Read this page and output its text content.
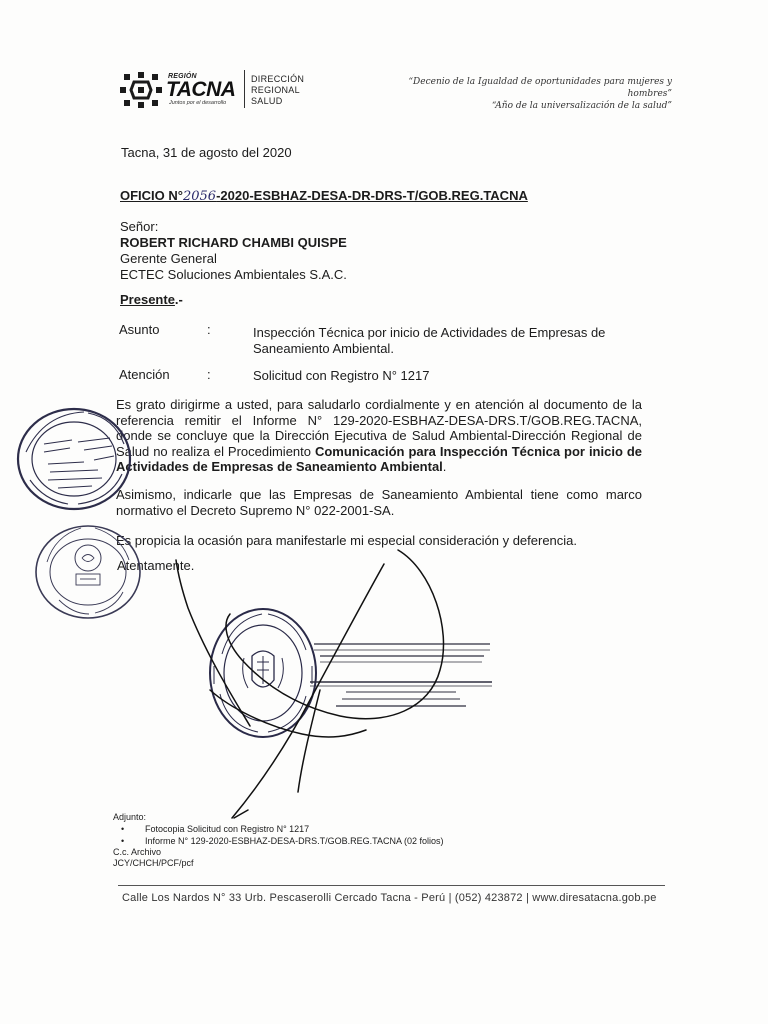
REGIÓN
TACNA
Juntos por el desarrollo
DIRECCIÓN
REGIONAL
SALUD
“Decenio de la Igualdad de oportunidades para mujeres y hombres”
“Año de la universalización de la salud”
Tacna, 31 de agosto del 2020
OFICIO N°2056-2020-ESBHAZ-DESA-DR-DRS-T/GOB.REG.TACNA
Señor:
ROBERT RICHARD CHAMBI QUISPE
Gerente General
ECTEC Soluciones Ambientales S.A.C.
Presente.-
Asunto	:	Inspección Técnica por inicio de Actividades de Empresas de Saneamiento Ambiental.
Atención	:	Solicitud con Registro N° 1217
Es grato dirigirme a usted, para saludarlo cordialmente y en atención al documento de la referencia remitir el Informe N° 129-2020-ESBHAZ-DESA-DRS.T/GOB.REG.TACNA, donde se concluye que la Dirección Ejecutiva de Salud Ambiental-Dirección Regional de Salud no realiza el Procedimiento Comunicación para Inspección Técnica por inicio de Actividades de Empresas de Saneamiento Ambiental.
Asimismo, indicarle que las Empresas de Saneamiento Ambiental tiene como marco normativo el Decreto Supremo N° 022-2001-SA.
Es propicia la ocasión para manifestarle mi especial consideración y deferencia.
Atentamente.
Adjunto:
• Fotocopia Solicitud con Registro N° 1217
• Informe N° 129-2020-ESBHAZ-DESA-DRS.T/GOB.REG.TACNA (02 folios)
C.c. Archivo
JCY/CHCH/PCF/pcf
Calle Los Nardos N° 33 Urb. Pescaserolli Cercado Tacna - Perú | (052) 423872 | www.diresatacna.gob.pe
